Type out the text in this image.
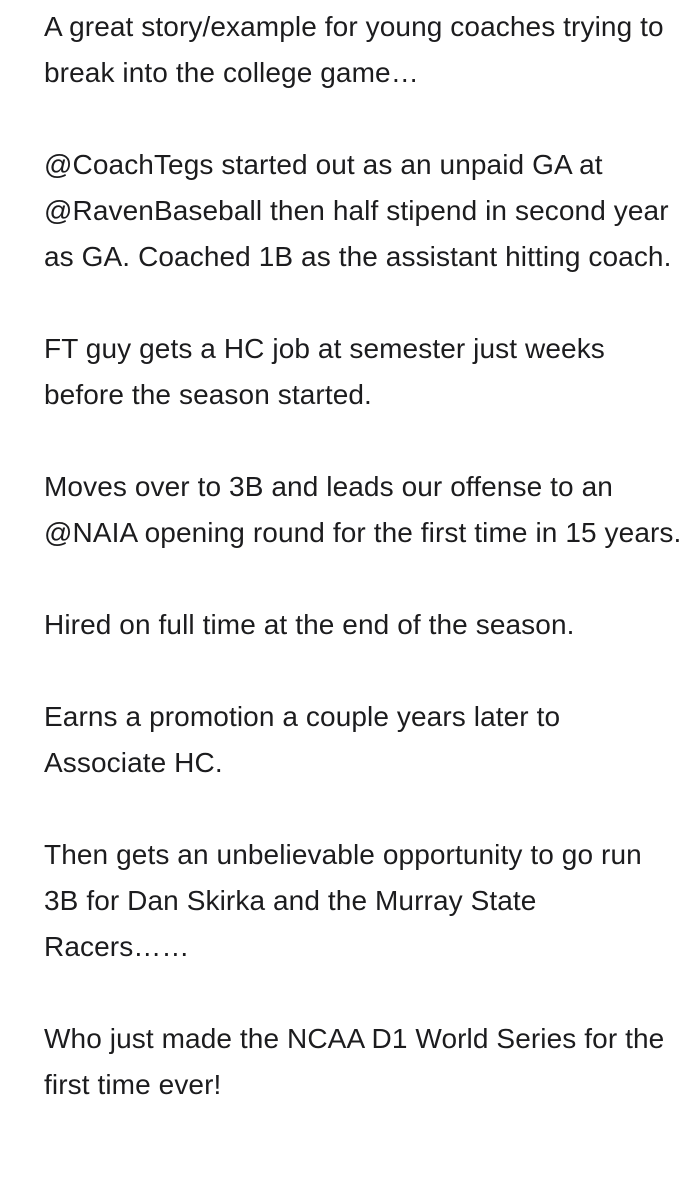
A great story/example for young coaches trying to break into the college game…

@CoachTegs started out as an unpaid GA at @RavenBaseball then half stipend in second year as GA. Coached 1B as the assistant hitting coach.

FT guy gets a HC job at semester just weeks before the season started.

Moves over to 3B and leads our offense to an @NAIA opening round for the first time in 15 years.

Hired on full time at the end of the season.

Earns a promotion a couple years later to Associate HC.

Then gets an unbelievable opportunity to go run 3B for Dan Skirka and the Murray State Racers……

Who just made the NCAA D1 World Series for the first time ever!
